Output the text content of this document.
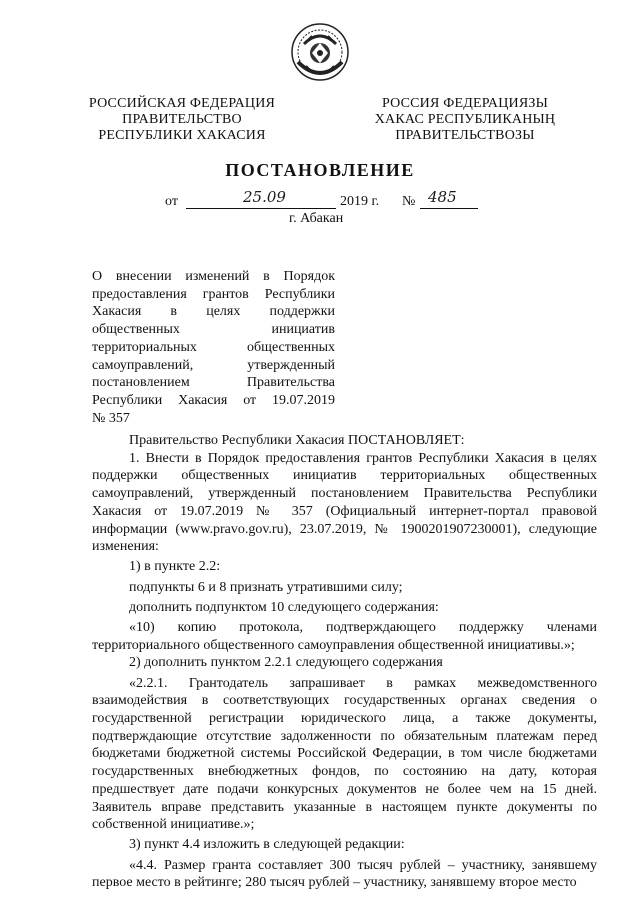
РОССИЙСКАЯ ФЕДЕРАЦИЯ
ПРАВИТЕЛЬСТВО
РЕСПУБЛИКИ ХАКАСИЯ
РОССИЯ ФЕДЕРАЦИЯЗЫ
ХАКАС РЕСПУБЛИКАНЫҢ
ПРАВИТЕЛЬСТВОЗЫ
ПОСТАНОВЛЕНИЕ
от	25.09	2019 г. № 485
г. Абакан
О внесении изменений в Порядок
предоставления грантов Республики
Хакасия в целях поддержки
общественных инициатив
территориальных общественных
самоуправлений, утвержденный
постановлением Правительства
Республики Хакасия от 19.07.2019
№ 357

Правительство Республики Хакасия ПОСТАНОВЛЯЕТ:

1. Внести в Порядок предоставления грантов Республики Хакасия в целях поддержки общественных инициатив территориальных общественных самоуправлений, утвержденный постановлением Правительства Республики Хакасия от 19.07.2019 № 357 (Официальный интернет-портал правовой информации (www.pravo.gov.ru), 23.07.2019, № 1900201907230001), следующие изменения:

1) в пункте 2.2:

подпункты 6 и 8 признать утратившими силу;

дополнить подпунктом 10 следующего содержания:

«10) копию протокола, подтверждающего поддержку членами территориального общественного самоуправления общественной инициативы.»;

2) дополнить пунктом 2.2.1 следующего содержания

«2.2.1. Грантодатель запрашивает в рамках межведомственного взаимодействия в соответствующих государственных органах сведения о государственной регистрации юридического лица, а также документы, подтверждающие отсутствие задолженности по обязательным платежам перед бюджетами бюджетной системы Российской Федерации, в том числе бюджетами государственных внебюджетных фондов, по состоянию на дату, которая предшествует дате подачи конкурсных документов не более чем на 15 дней. Заявитель вправе представить указанные в настоящем пункте документы по собственной инициативе.»;

3) пункт 4.4 изложить в следующей редакции:

«4.4. Размер гранта составляет 300 тысяч рублей – участнику, занявшему первое место в рейтинге; 280 тысяч рублей – участнику, занявшему второе место
